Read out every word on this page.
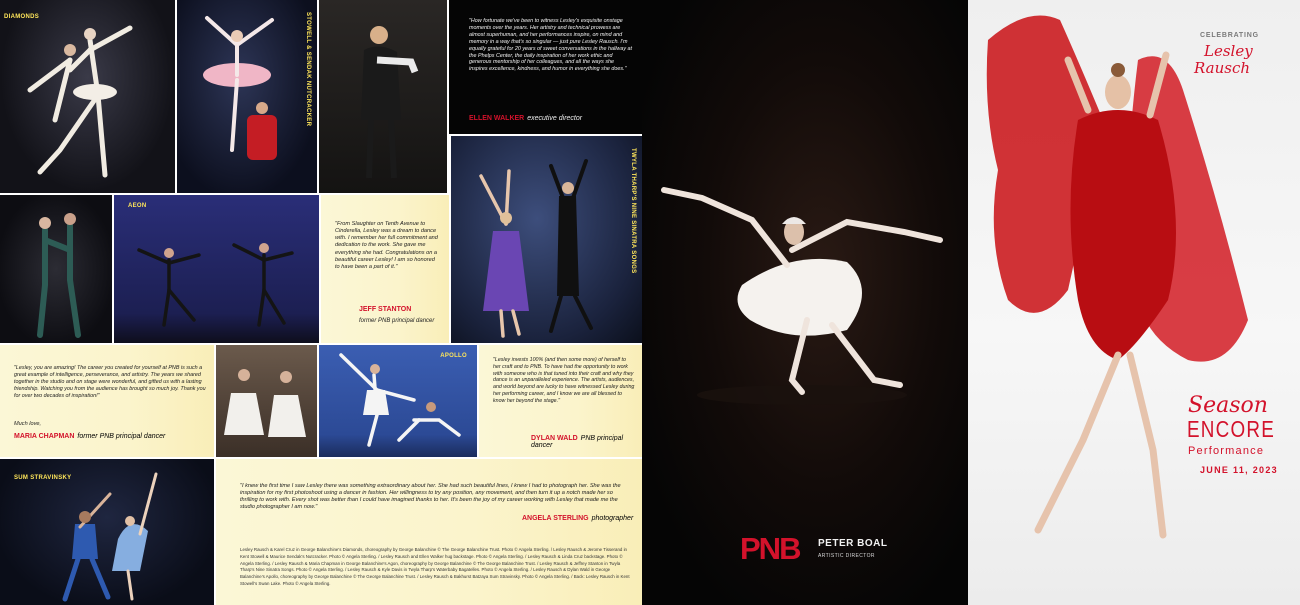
DIAMONDS	STOWELL & SENDAK NUTCRACKER	"How fortunate we've been to witness Lesley's exquisite onstage moments over the years. Her artistry and technical prowess are almost superhuman, and her performances inspire, on mind and memory in a way that's so singular — just pure Lesley Rausch. I'm equally grateful for 20 years of sweet conversations in the hallway at the Phelps Center, the daily inspiration of her work ethic and generous mentorship of her colleagues, and all the ways she inspires excellence, kindness, and humor in everything she does."
ELLEN WALKER executive director
AEON
"From Slaughter on Tenth Avenue to Cinderella, Lesley was a dream to dance with. I remember her full commitment and dedication to the work. She gave me everything she had. Congratulations on a beautiful career Lesley! I am so honored to have been a part of it."
JEFF STANTON
former PNB principal dancer
TWYLA THARP'S NINE SINATRA SONGS
"Lesley, you are amazing! The career you created for yourself at PNB is such a great example of intelligence, perseverance, and artistry. The years we shared together in the studio and on stage were wonderful, and gifted us with a lasting friendship. Watching you from the audience has brought so much joy. Thank you for over two decades of inspiration!"
Much love,
MARIA CHAPMAN former PNB principal dancer
APOLLO
"Lesley invests 100% (and then some more) of herself to her craft and to PNB. To have had the opportunity to work with someone who is that tuned into their craft and why they dance is an unparalleled experience. The artists, audiences, and world beyond are lucky to have witnessed Lesley during her performing career, and I know we are all blessed to know her beyond the stage."
DYLAN WALD PNB principal dancer
SUM STRAVINSKY
"I knew the first time I saw Lesley there was something extraordinary about her. She had such beautiful lines, I knew I had to photograph her. She was the inspiration for my first photoshoot using a dancer in fashion. Her willingness to try any position, any movement, and then turn it up a notch made her so thrilling to work with. Every shot was better than I could have imagined thanks to her. It's been the joy of my career working with Lesley that made me the studio photographer I am now."
ANGELA STERLING photographer
Lesley Rausch & Karel Cruz in George Balanchine's Diamonds, choreography by George Balanchine © The George Balanchine Trust. Photo © Angela Sterling. / Lesley Rausch & Jerome Tisserand in Kent Stowell & Maurice Sendak's Nutcracker. Photo © Angela Sterling. / Lesley Rausch and Ellen Walker hug backstage. Photo © Angela Sterling. / Lesley Rausch & Linda Cruz backstage. Photo © Angela Sterling. / Lesley Rausch & Maria Chapman in George Balanchine's Agon, choreography by George Balanchine © The George Balanchine Trust. / Lesley Rausch & Jeffrey Stanton in Twyla Tharp's Nine Sinatra Songs. Photo © Angela Sterling. / Lesley Rausch & Kyle Davis in Twyla Tharp's Waterbaby Bagatelles. Photo © Angela Sterling. / Lesley Rausch & Dylan Wald in George Balanchine's Apollo, choreography by George Balanchine © The George Balanchine Trust. / Lesley Rausch & Bakhurst Batzaya Sum Stravinsky. Photo © Angela Sterling. / Back: Lesley Rausch in Kent Stowell's Swan Lake. Photo © Angela Sterling.
PNB PETER BOAL
ARTISTIC DIRECTOR
CELEBRATING
Lesley
Rausch
Season
ENCORE
Performance
JUNE 11, 2023
